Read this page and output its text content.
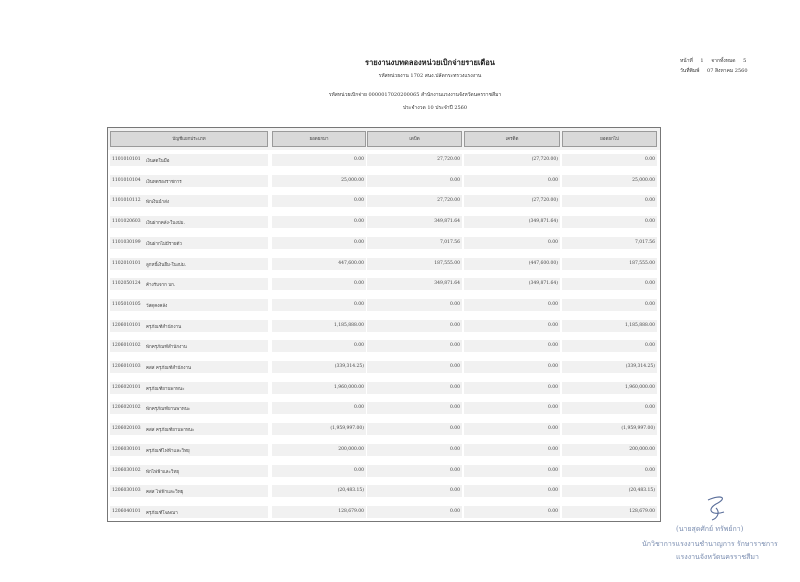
รายงานงบทดลองหน่วยเบิกจ่ายรายเดือน
รหัสหน่วยงาน 1702 สนง.ปลัดกระทรวงแรงงาน
รหัสหน่วยเบิกจ่าย 0000017020200065 สำนักงานแรงงานจังหวัดนครราชสีมา
ประจำงวด 10 ประจำปี 2560
หน้าที่ 1 จากทั้งหมด 5
วันที่พิมพ์ 07 สิงหาคม 2560
บัญชีแยกประเภท	ยอดยกมา	เดบิต	เครดิต	ยอดยกไป
1101010101 เงินสดในมือ	0.00	27,720.00	(27,720.00)	0.00
1101010104 เงินทดรองราชการ	25,000.00	0.00	0.00	25,000.00
1101010112 พักเงินนำส่ง	0.00	27,720.00	(27,720.00)	0.00
1101020603 เงินฝากคลัง-ในงปม.	0.00	349,871.64	(349,871.64)	0.00
1101030199 เงินฝากไม่มีรายตัว	0.00	7,017.56	0.00	7,017.56
1102010101 ลูกหนี้เงินยืม-ในงปม.	447,600.00	187,555.00	(447,600.00)	187,555.00
1102050124 ค้างรับจาก บก.	0.00	349,871.64	(349,871.64)	0.00
1105010105 วัสดุคงคลัง	0.00	0.00	0.00	0.00
1206010101 ครุภัณฑ์สำนักงาน	1,185,888.00	0.00	0.00	1,185,888.00
1206010102 พักครุภัณฑ์สำนักงาน	0.00	0.00	0.00	0.00
1206010103 คสส ครุภัณฑ์สำนักงาน	(339,314.25)	0.00	0.00	(339,314.25)
1206020101 ครุภัณฑ์ยานพาหนะ	1,960,000.00	0.00	0.00	1,960,000.00
1206020102 พักครุภัณฑ์ยานพาหนะ	0.00	0.00	0.00	0.00
1206020103 คสส ครุภัณฑ์ยานพาหนะ	(1,959,997.00)	0.00	0.00	(1,959,997.00)
1206030101 ครุภัณฑ์ไฟฟ้าและวิทยุ	200,000.00	0.00	0.00	200,000.00
1206030102 พักไฟฟ้าและวิทยุ	0.00	0.00	0.00	0.00
1206030103 คสส ไฟฟ้าและวิทยุ	(20,483.15)	0.00	0.00	(20,483.15)
1206040101 ครุภัณฑ์โฆษณา	128,679.00	0.00	0.00	128,679.00
(นายสุดศักย์ ทรัพย์กา)
นักวิชาการแรงงานชำนาญการ รักษาราชการ
แรงงานจังหวัดนครราชสีมา
